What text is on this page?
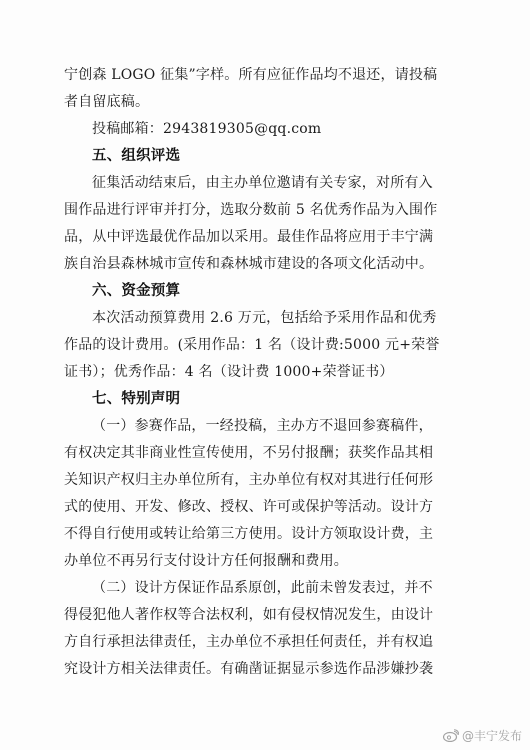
宁创森 LOGO 征集”字样。所有应征作品均不退还，请投稿
者自留底稿。
投稿邮箱：2943819305@qq.com
五、组织评选
征集活动结束后，由主办单位邀请有关专家，对所有入
围作品进行评审并打分，选取分数前 5 名优秀作品为入围作
品，从中评选最优作品加以采用。最佳作品将应用于丰宁满
族自治县森林城市宣传和森林城市建设的各项文化活动中。
六、资金预算
本次活动预算费用 2.6 万元，包括给予采用作品和优秀
作品的设计费用。(采用作品：1 名（设计费:5000 元+荣誉
证书）；优秀作品：4 名（设计费 1000+荣誉证书）
七、特别声明
（一）参赛作品，一经投稿，主办方不退回参赛稿件，
有权决定其非商业性宣传使用，不另付报酬；获奖作品其相
关知识产权归主办单位所有，主办单位有权对其进行任何形
式的使用、开发、修改、授权、许可或保护等活动。设计方
不得自行使用或转让给第三方使用。设计方领取设计费，主
办单位不再另行支付设计方任何报酬和费用。
（二）设计方保证作品系原创，此前未曾发表过，并不
得侵犯他人著作权等合法权利，如有侵权情况发生，由设计
方自行承担法律责任，主办单位不承担任何责任，并有权追
究设计方相关法律责任。有确凿证据显示参选作品涉嫌抄袭
@丰宁发布
